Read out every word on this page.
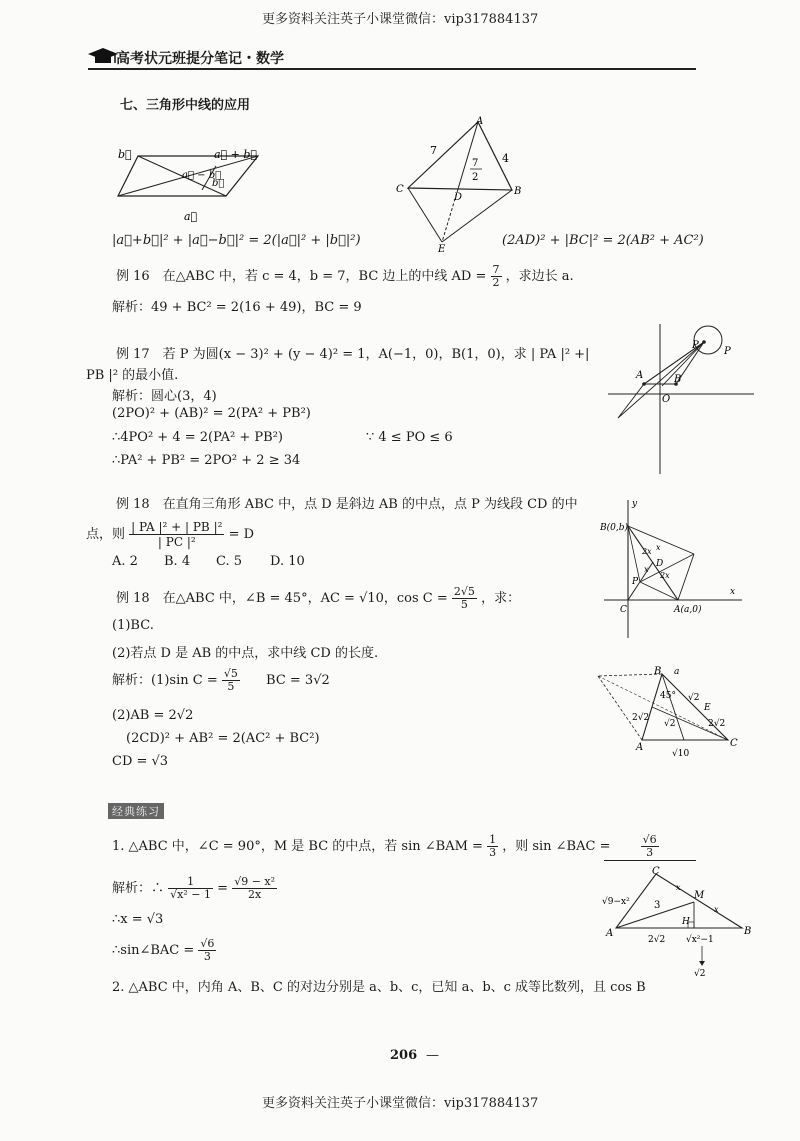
更多资料关注英子小课堂微信：vip317884137
高考状元班提分笔记・数学
七、三角形中线的应用
b⃗	a⃗ + b⃗
a⃗ − b⃗
a⃗
b⃗
A
B
C
D
E
7
4
7
2
|a⃗+b⃗|² + |a⃗−b⃗|² = 2(|a⃗|² + |b⃗|²)	(2AD)² + |BC|² = 2(AB² + AC²)
例 16　在△ABC 中，若 c = 4，b = 7，BC 边上的中线 AD = $\frac{7}{2}$ ，求边长 a.
解析：49 + BC² = 2(16 + 49)，BC = 9
例 17　若 P 为圆(x − 3)² + (y − 4)² = 1，A(−1，0)，B(1，0)，求 | PA |² +|
PB |² 的最小值.
解析：圆心(3，4)
(2PO)² + (AB)² = 2(PA² + PB²)
∴4PO² + 4 = 2(PA² + PB²)	∵ 4 ≤ PO ≤ 6
∴PA² + PB² = 2PO² + 2 ≥ 34
P
P
A	B
O
例 18　在直角三角形 ABC 中，点 D 是斜边 AB 的中点，点 P 为线段 CD 的中
点，则 $\frac{\text{| PA |² + | PB |²}}{\text{| PC |²}} = D$
A. 2 B. 4 C. 5 D. 10
y
B(0,b)
C	A(a,0)
x
D
P
2x x
2x
x
例 18　在△ABC 中，∠B = 45°，AC = √10，$\cos C = \frac{2√5}{5}$ ，求：
(1)BC.
(2)若点 D 是 AB 的中点，求中线 CD 的长度.
解析：(1)sin $C = \frac{√5}{5}$ BC = 3√2
(2)AB = 2√2
(2CD)² + AB² = 2(AC² + BC²)
CD = √3
B a
45° √2
√2
2√2
2√2
E
A	C
√10
经典练习
1. △ABC 中，∠C = 90°，M 是 BC 的中点，若 sin ∠BAM = $\frac{1}{3}$ ，则 sin ∠BAC =	$\frac{√6}{3}$
解析：∴ $\frac{1}{\text{√x² − 1}} = \frac{\text{√9 − x²}}{2x}$
∴x = √3
∴sin∠BAC = $\frac{√6}{3}$
C
M
x
x
3
√9−x²
H
A	B
2√2 √x²−1
√2
2. △ABC 中，内角 A、B、C 的对边分别是 a、b、c，已知 a、b、c 成等比数列，且 cos B
206 —
更多资料关注英子小课堂微信：vip317884137
